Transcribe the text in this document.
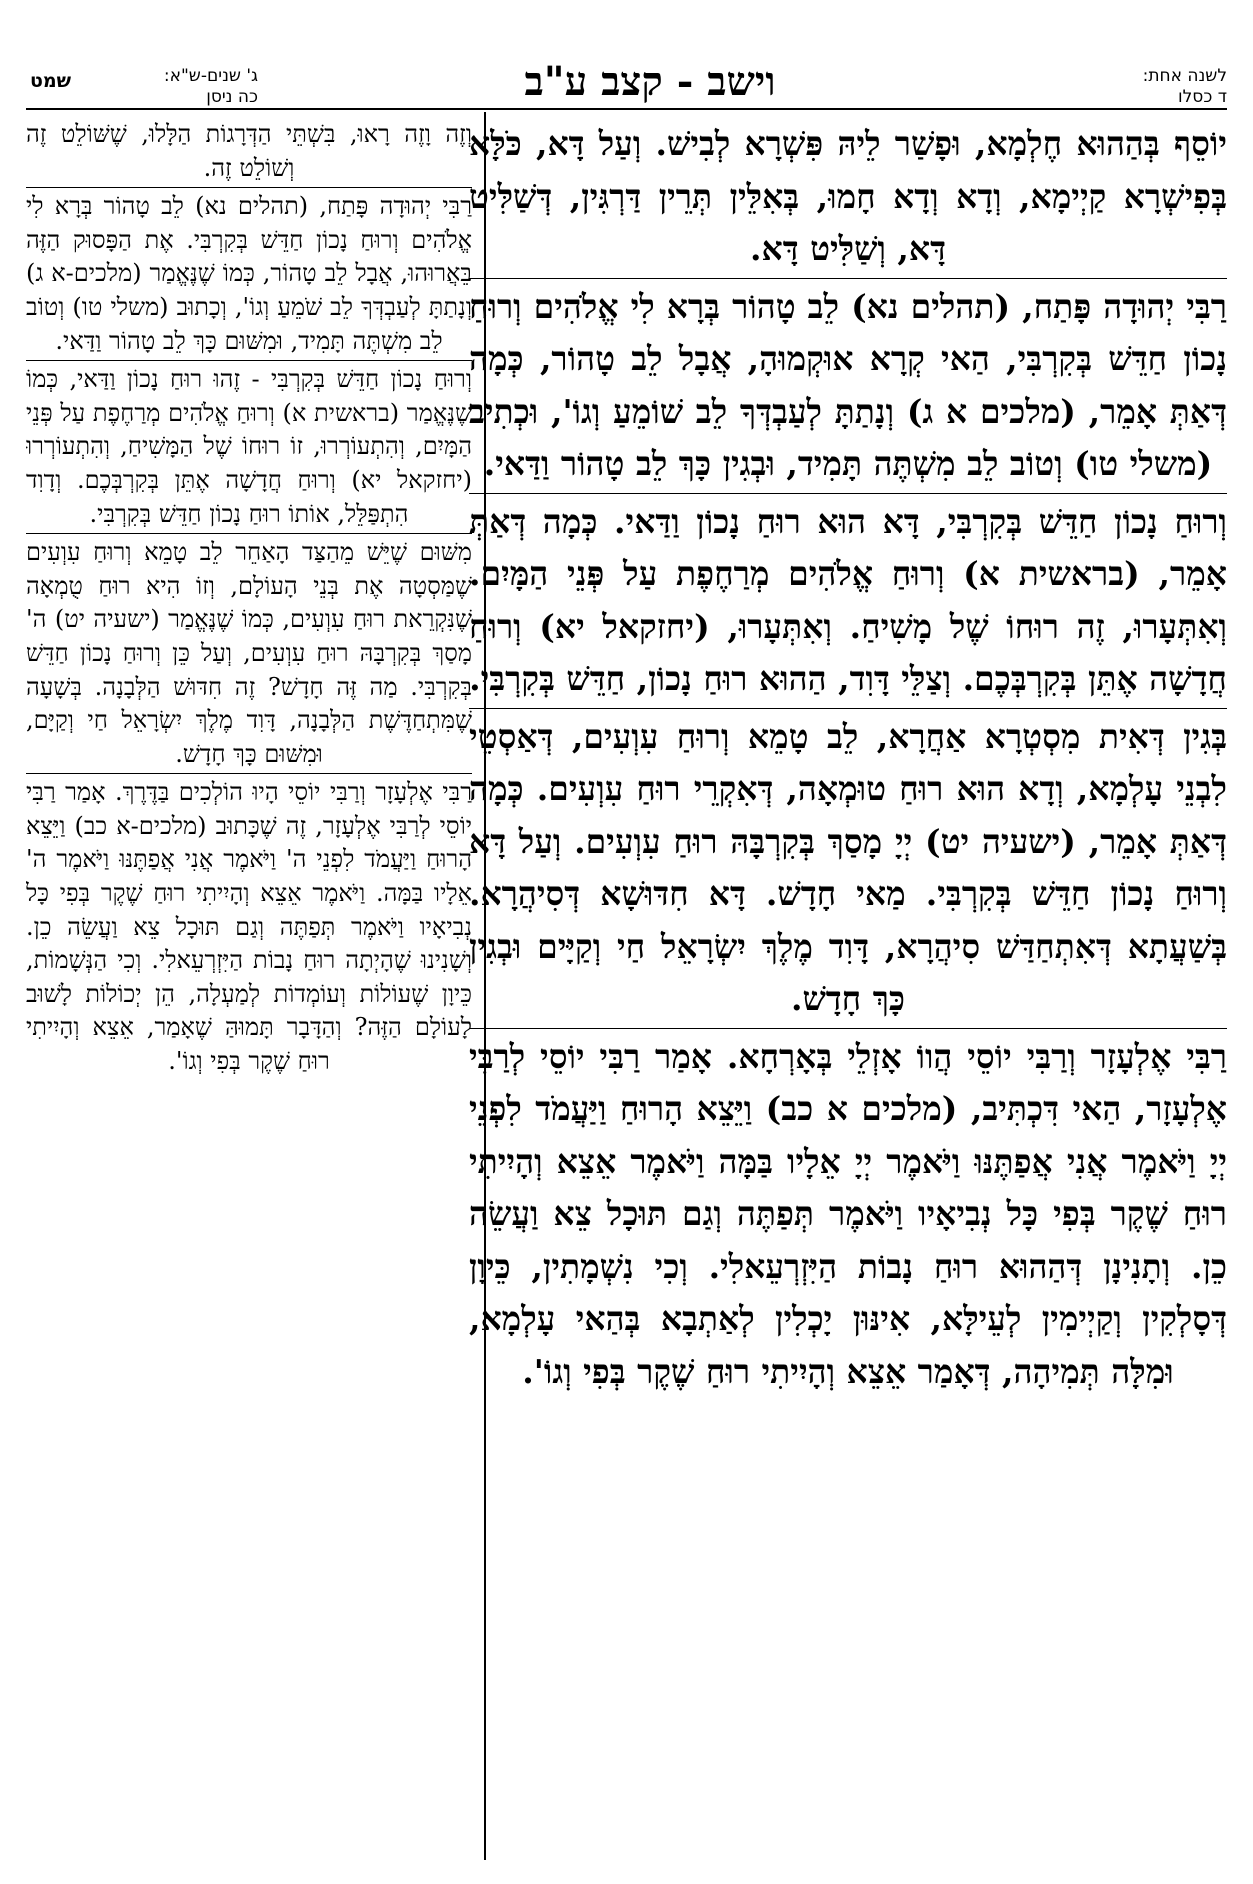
לשנה אחת:
ד כסלו
וישב - קצב ע"ב
ג' שנים-ש"א:
כה ניסן
שמט

יוֹסֵף בְּהַהוּא חֶלְמָא, וּפָשַׁר לֵיהּ פִּשְׁרָא לְבִישׁ. וְעַל דָּא, כֹּלָּא בְּפִישְׁרָא קַיְימָא, וְדָא וְדָא חָמוּ, בְּאִלֵּין תְּרֵין דַּרְגִּין, דְּשַׁלִּיט דָּא, וְשַׁלִּיט דָּא.

רַבִּי יְהוּדָה פָּתַח, (תהלים נא) לֵב טָהוֹר בְּרָא לִי אֱלֹהִים וְרוּחַ נָכוֹן חַדֵּשׁ בְּקִרְבִּי, הַאי קְרָא אוּקְמוּהָ, אֲבָל לֵב טָהוֹר, כְּמָה דְּאַתְּ אָמֵר, (מלכים א ג) וְנָתַתָּ לְעַבְדְּךָ לֵב שׁוֹמֵעַ וְגוֹ', וּכְתִיב (משלי טו) וְטוֹב לֵב מִשְׁתֶּה תָּמִיד, וּבְגִין כָּךְ לֵב טָהוֹר וַדַּאי.

וְרוּחַ נָכוֹן חַדֵּשׁ בְּקִרְבִּי, דָּא הוּא רוּחַ נָכוֹן וַדַּאי. כְּמָה דְּאַתְּ אָמֵר, (בראשית א) וְרוּחַ אֱלֹהִים מְרַחֶפֶת עַל פְּנֵי הַמָּיִם. וְאִתְּעָרוּ, זֶה רוּחוֹ שֶׁל מָשִׁיחַ. וְאִתְּעָרוּ, (יחזקאל יא) וְרוּחַ חֲדָשָׁה אֶתֵּן בְּקִרְבְּכֶם. וְצַלֵּי דָּוִד, הַהוּא רוּחַ נָכוֹן, חַדֵּשׁ בְּקִרְבִּי.

בְּגִין דְּאִית מִסְטְרָא אַחֲרָא, לֵב טָמֵא וְרוּחַ עִוְעִים, דְּאַסְטֵי לִבְנֵי עָלְמָא, וְדָא הוּא רוּחַ טוּמְאָה, דְּאִקְרֵי רוּחַ עִוְעִים. כְּמָה דְּאַתְּ אָמֵר, (ישעיה יט) יְיָ מָסַךְ בְּקִרְבָּהּ רוּחַ עִוְעִים. וְעַל דָּא וְרוּחַ נָכוֹן חַדֵּשׁ בְּקִרְבִּי. מַאי חָדָשׁ. דָּא חִדּוּשָׁא דְּסִיהֲרָא. בְּשַׁעֲתָא דְּאִתְחַדַּשׁ סִיהֲרָא, דָּוִד מֶלֶךְ יִשְׂרָאֵל חַי וְקַיָּים וּבְגִין כָּךְ חָדָשׁ.

רַבִּי אֶלְעָזָר וְרַבִּי יוֹסֵי הֲווֹ אָזְלֵי בְּאָרְחָא. אָמַר רַבִּי יוֹסֵי לְרַבִּי אֶלְעָזָר, הַאי דִּכְתִּיב, (מלכים א כב) וַיֵּצֵא הָרוּחַ וַיַּעֲמֹד לִפְנֵי יְיָ וַיֹּאמֶר אֲנִי אֲפַתֶּנּוּ וַיֹּאמֶר יְיָ אֵלָיו בַּמָּה וַיֹּאמֶר אֵצֵא וְהָיִיתִי רוּחַ שֶׁקֶר בְּפִי כָּל נְבִיאָיו וַיֹּאמֶר תְּפַתֶּה וְגַם תּוּכָל צֵא וַעֲשֵׂה כֵן. וְתָנִינָן דְּהַהוּא רוּחַ נָבוֹת הַיִּזְרְעֵאלִי. וְכִי נִשְׁמָתִין, כֵּיוָן דְּסָלְקִין וְקַיְימִין לְעֵילָּא, אִינּוּן יָכְלִין לְאַתְבָא בְּהַאי עָלְמָא, וּמִלָּה תְּמִיהָה, דְּאָמַר אֵצֵא וְהָיִיתִי רוּחַ שֶׁקֶר בְּפִי וְגוֹ'.

וְזֶה וָזֶה רָאוּ, בִּשְׁתֵּי הַדְּרָגוֹת הַלָּלוּ, שֶׁשּׁוֹלֵט זֶה וְשׁוֹלֵט זֶה.

רַבִּי יְהוּדָה פָּתַח, (תהלים נא) לֵב טָהוֹר בְּרָא לִי אֱלֹהִים וְרוּחַ נָכוֹן חַדֵּשׁ בְּקִרְבִּי. אֶת הַפָּסוּק הַזֶּה בֵּאֲרוּהוּ, אֲבָל לֵב טָהוֹר, כְּמוֹ שֶׁנֶּאֱמַר (מלכים-א ג) וְנָתַתָּ לְעַבְדְּךָ לֵב שֹׁמֵעַ וְגוֹ', וְכָתוּב (משלי טו) וְטוֹב לֵב מִשְׁתֶּה תָּמִיד, וּמִשּׁוּם כָּךְ לֵב טָהוֹר וַדַּאי.

וְרוּחַ נָכוֹן חַדֵּשׁ בְּקִרְבִּי - זֶהוּ רוּחַ נָכוֹן וַדַּאי, כְּמוֹ שֶׁנֶּאֱמַר (בראשית א) וְרוּחַ אֱלֹהִים מְרַחֶפֶת עַל פְּנֵי הַמָּיִם, וְהִתְעוֹרְרוּ, זוֹ רוּחוֹ שֶׁל הַמָּשִׁיחַ, וְהִתְעוֹרְרוּ (יחזקאל יא) וְרוּחַ חֲדָשָׁה אֶתֵּן בְּקִרְבְּכֶם. וְדָוִד הִתְפַּלֵּל, אוֹתוֹ רוּחַ נָכוֹן חַדֵּשׁ בְּקִרְבִּי.

מִשּׁוּם שֶׁיֵּשׁ מֵהַצַּד הָאַחֵר לֵב טָמֵא וְרוּחַ עִוְעִים שֶׁמַּסְטָה אֶת בְּנֵי הָעוֹלָם, וְזוֹ הִיא רוּחַ טֻמְאָה שֶׁנִּקְרֵאת רוּחַ עִוְעִים, כְּמוֹ שֶׁנֶּאֱמַר (ישעיה יט) ה' מָסַךְ בְּקִרְבָּהּ רוּחַ עִוְעִים, וְעַל כֵּן וְרוּחַ נָכוֹן חַדֵּשׁ בְּקִרְבִּי. מַה זֶּה חָדָשׁ? זֶה חִדּוּשׁ הַלְּבָנָה. בְּשָׁעָה שֶׁמִּתְחַדֶּשֶׁת הַלְּבָנָה, דָּוִד מֶלֶךְ יִשְׂרָאֵל חַי וְקַיָּם, וּמִשּׁוּם כָּךְ חָדָשׁ.

רַבִּי אֶלְעָזָר וְרַבִּי יוֹסֵי הָיוּ הוֹלְכִים בַּדֶּרֶךְ. אָמַר רַבִּי יוֹסֵי לְרַבִּי אֶלְעָזָר, זֶה שֶׁכָּתוּב (מלכים-א כב) וַיֵּצֵא הָרוּחַ וַיַּעֲמֹד לִפְנֵי ה' וַיֹּאמֶר אֲנִי אֲפַתֶּנּוּ וַיֹּאמֶר ה' אֵלָיו בַּמָּה. וַיֹּאמֶר אֵצֵא וְהָיִיתִי רוּחַ שֶׁקֶר בְּפִי כָּל נְבִיאָיו וַיֹּאמֶר תְּפַתֶּה וְגַם תּוּכָל צֵא וַעֲשֵׂה כֵן. וְשָׁנִינוּ שֶׁהָיְתָה רוּחַ נָבוֹת הַיִּזְרְעֵאלִי. וְכִי הַנְּשָׁמוֹת, כֵּיוָן שֶׁעוֹלוֹת וְעוֹמְדוֹת לְמַעְלָה, הֵן יְכוֹלוֹת לָשׁוּב לָעוֹלָם הַזֶּה? וְהַדָּבָר תָּמוּהַּ שֶׁאָמַר, אֵצֵא וְהָיִיתִי רוּחַ שֶׁקֶר בְּפִי וְגוֹ'.
